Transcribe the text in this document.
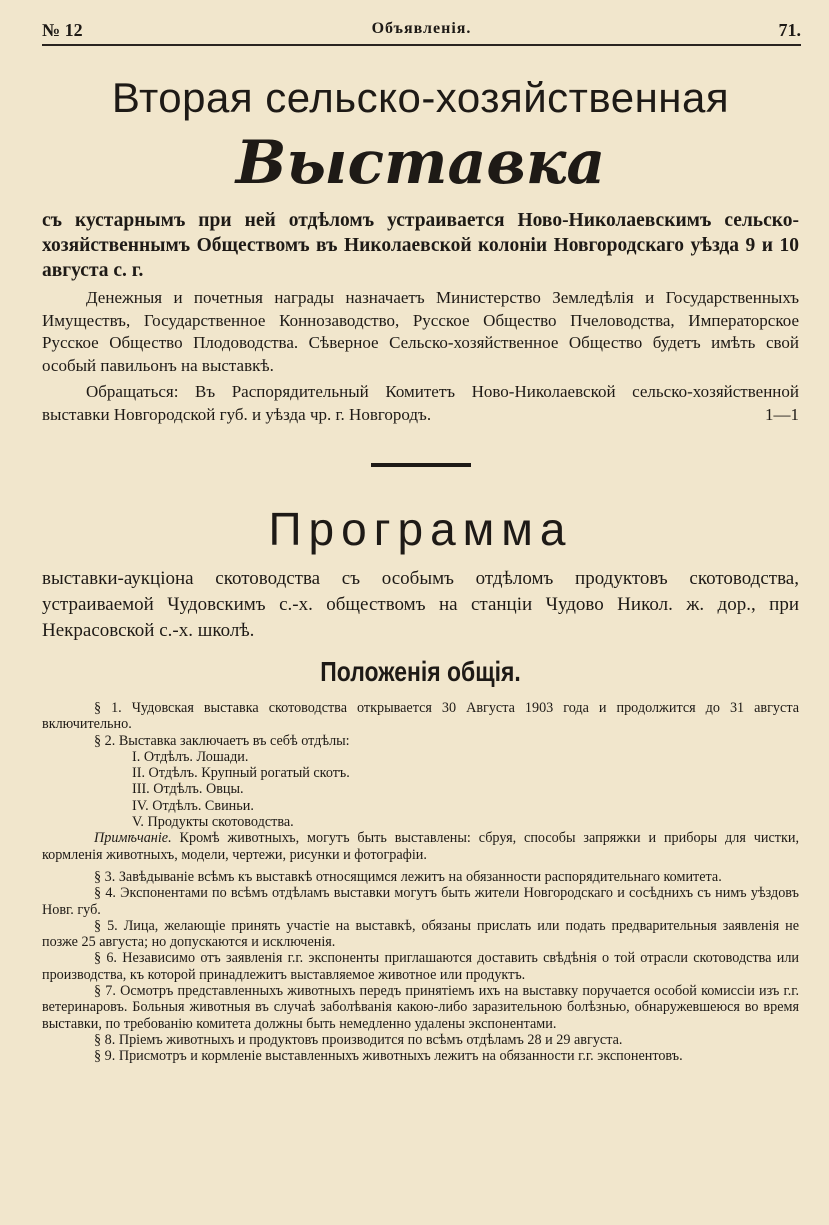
№ 12	Объявленія.	71.
Вторая сельско-хозяйственная
Выставка

съ кустарнымъ при ней отдѣломъ устраивается Ново-Николаевскимъ сельско-хозяйственнымъ Обществомъ въ Николаевской колоніи Новгородскаго уѣзда 9 и 10 августа с. г.

Денежныя и почетныя награды назначаетъ Министерство Земледѣлія и Государственныхъ Имуществъ, Государственное Коннозаводство, Русское Общество Пчеловодства, Императорское Русское Общество Плодоводства. Сѣверное Сельско-хозяйственное Общество будетъ имѣть свой особый павильонъ на выставкѣ.

Обращаться: Въ Распорядительный Комитетъ Ново-Николаевской сельско-хозяйственной выставки Новгородской губ. и уѣзда чр. г. Новгородъ.	1—1

Программа
выставки-аукціона скотоводства съ особымъ отдѣломъ продуктовъ скотоводства, устраиваемой Чудовскимъ с.-х. обществомъ на станціи Чудово Никол. ж. дор., при Некрасовской с.-х. школѣ.
Положенія общія.

§ 1. Чудовская выставка скотоводства открывается 30 Августа 1903 года и продолжится до 31 августа включительно.

§ 2. Выставка заключаетъ въ себѣ отдѣлы:

I. Отдѣлъ. Лошади.
II. Отдѣлъ. Крупный рогатый скотъ.
III. Отдѣлъ. Овцы.
IV. Отдѣлъ. Свиньи.
V. Продукты скотоводства.

Примѣчаніе. Кромѣ животныхъ, могутъ быть выставлены: сбруя, способы запряжки и приборы для чистки, кормленія животныхъ, модели, чертежи, рисунки и фотографіи.

§ 3. Завѣдываніе всѣмъ къ выставкѣ относящимся лежитъ на обязанности распорядительнаго комитета.

§ 4. Экспонентами по всѣмъ отдѣламъ выставки могутъ быть жители Новгородскаго и сосѣднихъ съ нимъ уѣздовъ Новг. губ.

§ 5. Лица, желающіе принять участіе на выставкѣ, обязаны прислать или подать предварительныя заявленія не позже 25 августа; но допускаются и исключенія.

§ 6. Независимо отъ заявленія г.г. экспоненты приглашаются доставить свѣдѣнія о той отрасли скотоводства или производства, къ которой принадлежитъ выставляемое животное или продуктъ.

§ 7. Осмотръ представленныхъ животныхъ передъ принятіемъ ихъ на выставку поручается особой комиссіи изъ г.г. ветеринаровъ. Больныя животныя въ случаѣ заболѣванія какою-либо заразительною болѣзнью, обнаружевшеюся во время выставки, по требованію комитета должны быть немедленно удалены экспонентами.

§ 8. Пріемъ животныхъ и продуктовъ производится по всѣмъ отдѣламъ 28 и 29 августа.

§ 9. Присмотръ и кормленіе выставленныхъ животныхъ лежитъ на обязанности г.г. экспонентовъ.
